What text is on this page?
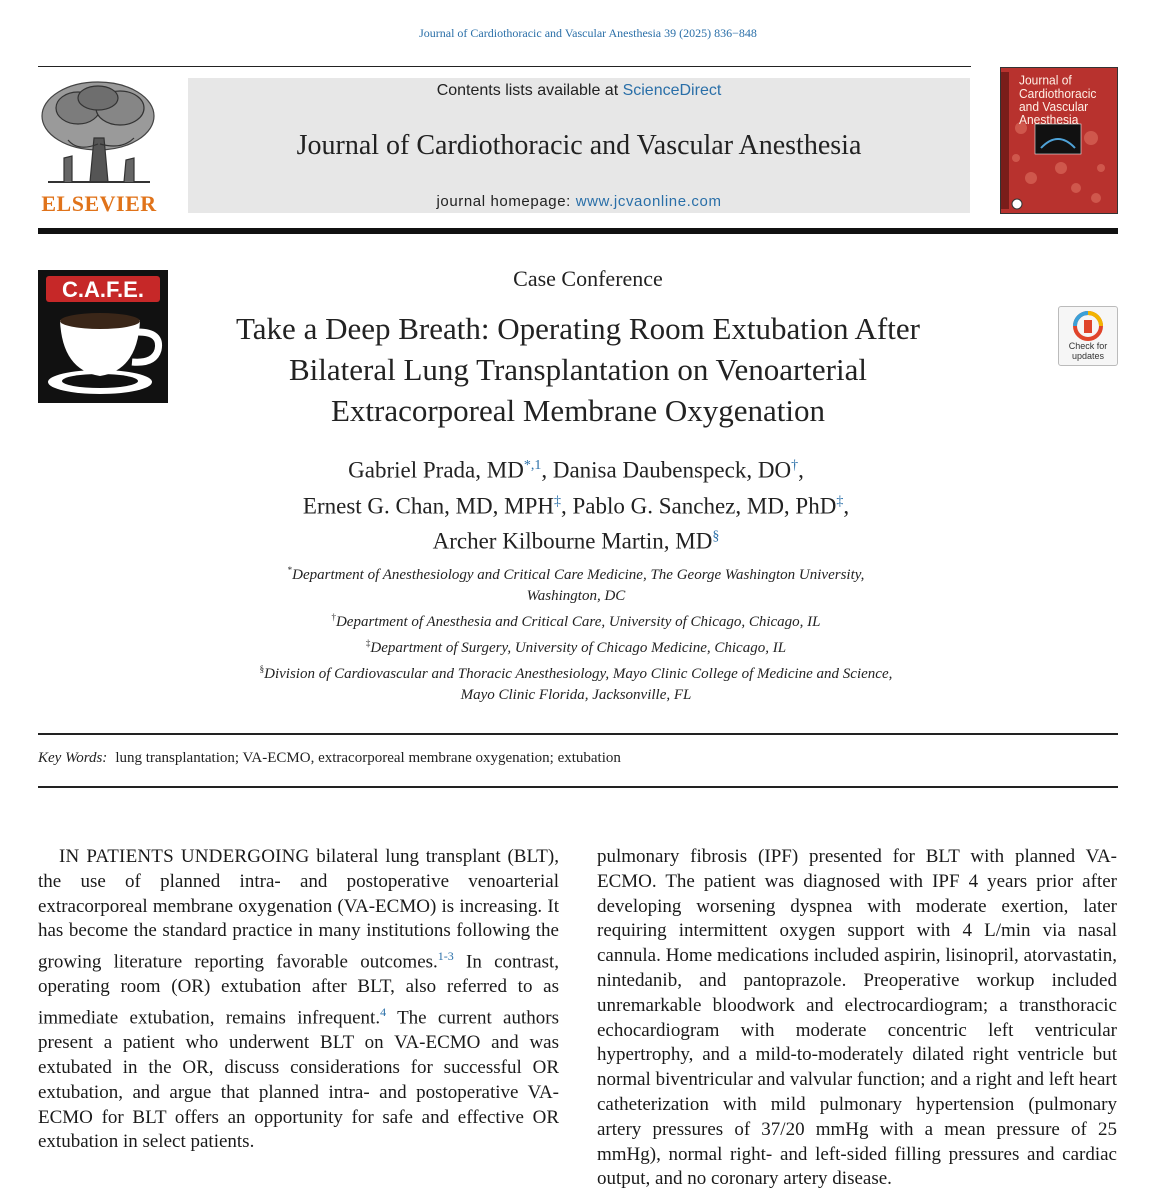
Journal of Cardiothoracic and Vascular Anesthesia 39 (2025) 836−848
ELSEVIER
Contents lists available at ScienceDirect
Journal of Cardiothoracic and Vascular Anesthesia
journal homepage: www.jcvaonline.com
Journal of Cardiothoracic and Vascular Anesthesia
C.A.F.E.	Case Conference
Take a Deep Breath: Operating Room Extubation After
Bilateral Lung Transplantation on Venoarterial
Extracorporeal Membrane Oxygenation
Check for updates
Gabriel Prada, $MD^{*,1}$, Danisa Daubenspeck, DO†,
Ernest G. Chan, MD, MPH‡, Pablo G. Sanchez, MD, PhD‡,
Archer Kilbourne Martin, MD§
*Department of Anesthesiology and Critical Care Medicine, The George Washington University,
Washington, DC
†Department of Anesthesia and Critical Care, University of Chicago, Chicago, IL
‡Department of Surgery, University of Chicago Medicine, Chicago, IL
§Division of Cardiovascular and Thoracic Anesthesiology, Mayo Clinic College of Medicine and Science,
Mayo Clinic Florida, Jacksonville, FL
Key Words: lung transplantation; VA-ECMO, extracorporeal membrane oxygenation; extubation
IN PATIENTS UNDERGOING bilateral lung transplant (BLT), the use of planned intra- and postoperative venoarterial extracorporeal membrane oxygenation (VA-ECMO) is increasing. It has become the standard practice in many institutions following the growing literature reporting favorable outcomes.$^{1-3}$ In contrast, operating room (OR) extubation after BLT, also referred to as immediate extubation, remains infrequent.$^4$ The current authors present a patient who underwent BLT on VA-ECMO and was extubated in the OR, discuss considerations for successful OR extubation, and argue that planned intra- and postoperative VA-ECMO for BLT offers an opportunity for safe and effective OR extubation in select patients.
pulmonary fibrosis (IPF) presented for BLT with planned VA-ECMO. The patient was diagnosed with IPF 4 years prior after developing worsening dyspnea with moderate exertion, later requiring intermittent oxygen support with 4 L/min via nasal cannula. Home medications included aspirin, lisinopril, atorvastatin, nintedanib, and pantoprazole. Preoperative workup included unremarkable bloodwork and electrocardiogram; a transthoracic echocardiogram with moderate concentric left ventricular hypertrophy, and a mild-to-moderately dilated right ventricle but normal biventricular and valvular function; and a right and left heart catheterization with mild pulmonary hypertension (pulmonary artery pressures of 37/20 mmHg with a mean pressure of 25 mmHg), normal right- and left-sided filling pressures and cardiac output, and no coronary artery disease.
